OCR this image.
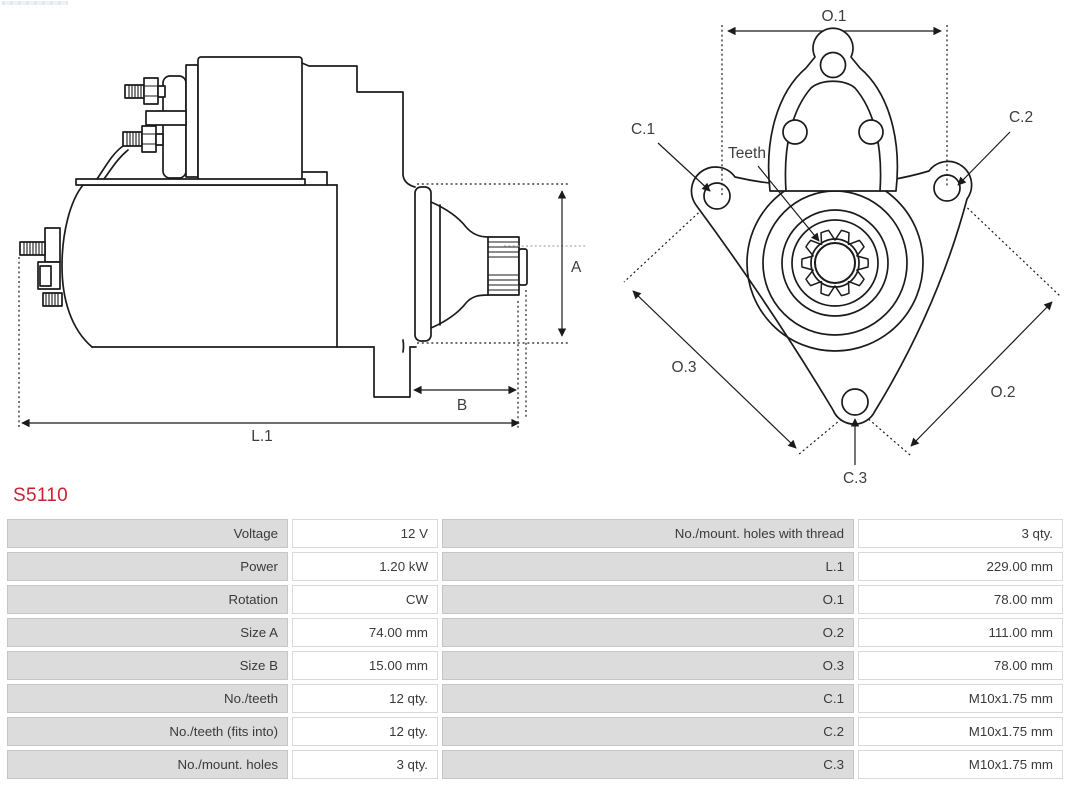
A
B
L.1
O.1
C.1
C.2
Teeth
O.3
O.2
C.3
S5110
Voltage	12 V	No./mount. holes with thread	3 qty.
Power	1.20 kW	L.1	229.00 mm
Rotation	CW	O.1	78.00 mm
Size A	74.00 mm	O.2	111.00 mm
Size B	15.00 mm	O.3	78.00 mm
No./teeth	12 qty.	C.1	M10x1.75 mm
No./teeth (fits into)	12 qty.	C.2	M10x1.75 mm
No./mount. holes	3 qty.	C.3	M10x1.75 mm
